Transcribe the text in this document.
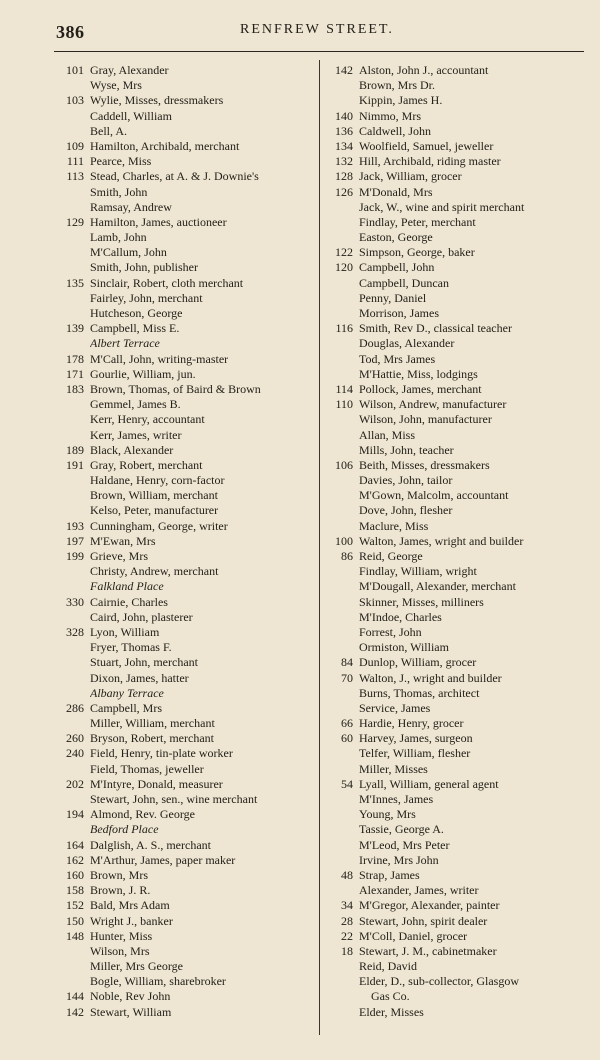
386	RENFREW STREET.
101 Gray, Alexander
Wyse, Mrs
103 Wylie, Misses, dressmakers
Caddell, William
Bell, A.
109 Hamilton, Archibald, merchant
111 Pearce, Miss
113 Stead, Charles, at A. & J. Downie's
Smith, John
Ramsay, Andrew
129 Hamilton, James, auctioneer
Lamb, John
M'Callum, John
Smith, John, publisher
135 Sinclair, Robert, cloth merchant
Fairley, John, merchant
Hutcheson, George
139 Campbell, Miss E.
Albert Terrace
178 M'Call, John, writing-master
171 Gourlie, William, jun.
183 Brown, Thomas, of Baird & Brown
Gemmel, James B.
Kerr, Henry, accountant
Kerr, James, writer
189 Black, Alexander
191 Gray, Robert, merchant
Haldane, Henry, corn-factor
Brown, William, merchant
Kelso, Peter, manufacturer
193 Cunningham, George, writer
197 M'Ewan, Mrs
199 Grieve, Mrs
Christy, Andrew, merchant
Falkland Place
330 Cairnie, Charles
Caird, John, plasterer
328 Lyon, William
Fryer, Thomas F.
Stuart, John, merchant
Dixon, James, hatter
Albany Terrace
286 Campbell, Mrs
Miller, William, merchant
260 Bryson, Robert, merchant
240 Field, Henry, tin-plate worker
Field, Thomas, jeweller
202 M'Intyre, Donald, measurer
Stewart, John, sen., wine merchant
194 Almond, Rev. George
Bedford Place
164 Dalglish, A. S., merchant
162 M'Arthur, James, paper maker
160 Brown, Mrs
158 Brown, J. R.
152 Bald, Mrs Adam
150 Wright J., banker
148 Hunter, Miss
Wilson, Mrs
Miller, Mrs George
Bogle, William, sharebroker
144 Noble, Rev John
142 Stewart, William
142 Alston, John J., accountant
Brown, Mrs Dr.
Kippin, James H.
140 Nimmo, Mrs
136 Caldwell, John
134 Woolfield, Samuel, jeweller
132 Hill, Archibald, riding master
128 Jack, William, grocer
126 M'Donald, Mrs
Jack, W., wine and spirit merchant
Findlay, Peter, merchant
Easton, George
122 Simpson, George, baker
120 Campbell, John
Campbell, Duncan
Penny, Daniel
Morrison, James
116 Smith, Rev D., classical teacher
Douglas, Alexander
Tod, Mrs James
M'Hattie, Miss, lodgings
114 Pollock, James, merchant
110 Wilson, Andrew, manufacturer
Wilson, John, manufacturer
Allan, Miss
Mills, John, teacher
106 Beith, Misses, dressmakers
Davies, John, tailor
M'Gown, Malcolm, accountant
Dove, John, flesher
Maclure, Miss
100 Walton, James, wright and builder
86 Reid, George
Findlay, William, wright
M'Dougall, Alexander, merchant
Skinner, Misses, milliners
M'Indoe, Charles
Forrest, John
Ormiston, William
84 Dunlop, William, grocer
70 Walton, J., wright and builder
Burns, Thomas, architect
Service, James
66 Hardie, Henry, grocer
60 Harvey, James, surgeon
Telfer, William, flesher
Miller, Misses
54 Lyall, William, general agent
M'Innes, James
Young, Mrs
Tassie, George A.
M'Leod, Mrs Peter
Irvine, Mrs John
48 Strap, James
Alexander, James, writer
34 M'Gregor, Alexander, painter
28 Stewart, John, spirit dealer
22 M'Coll, Daniel, grocer
18 Stewart, J. M., cabinetmaker
Reid, David
Elder, D., sub-collector, Glasgow
Gas Co.
Elder, Misses
